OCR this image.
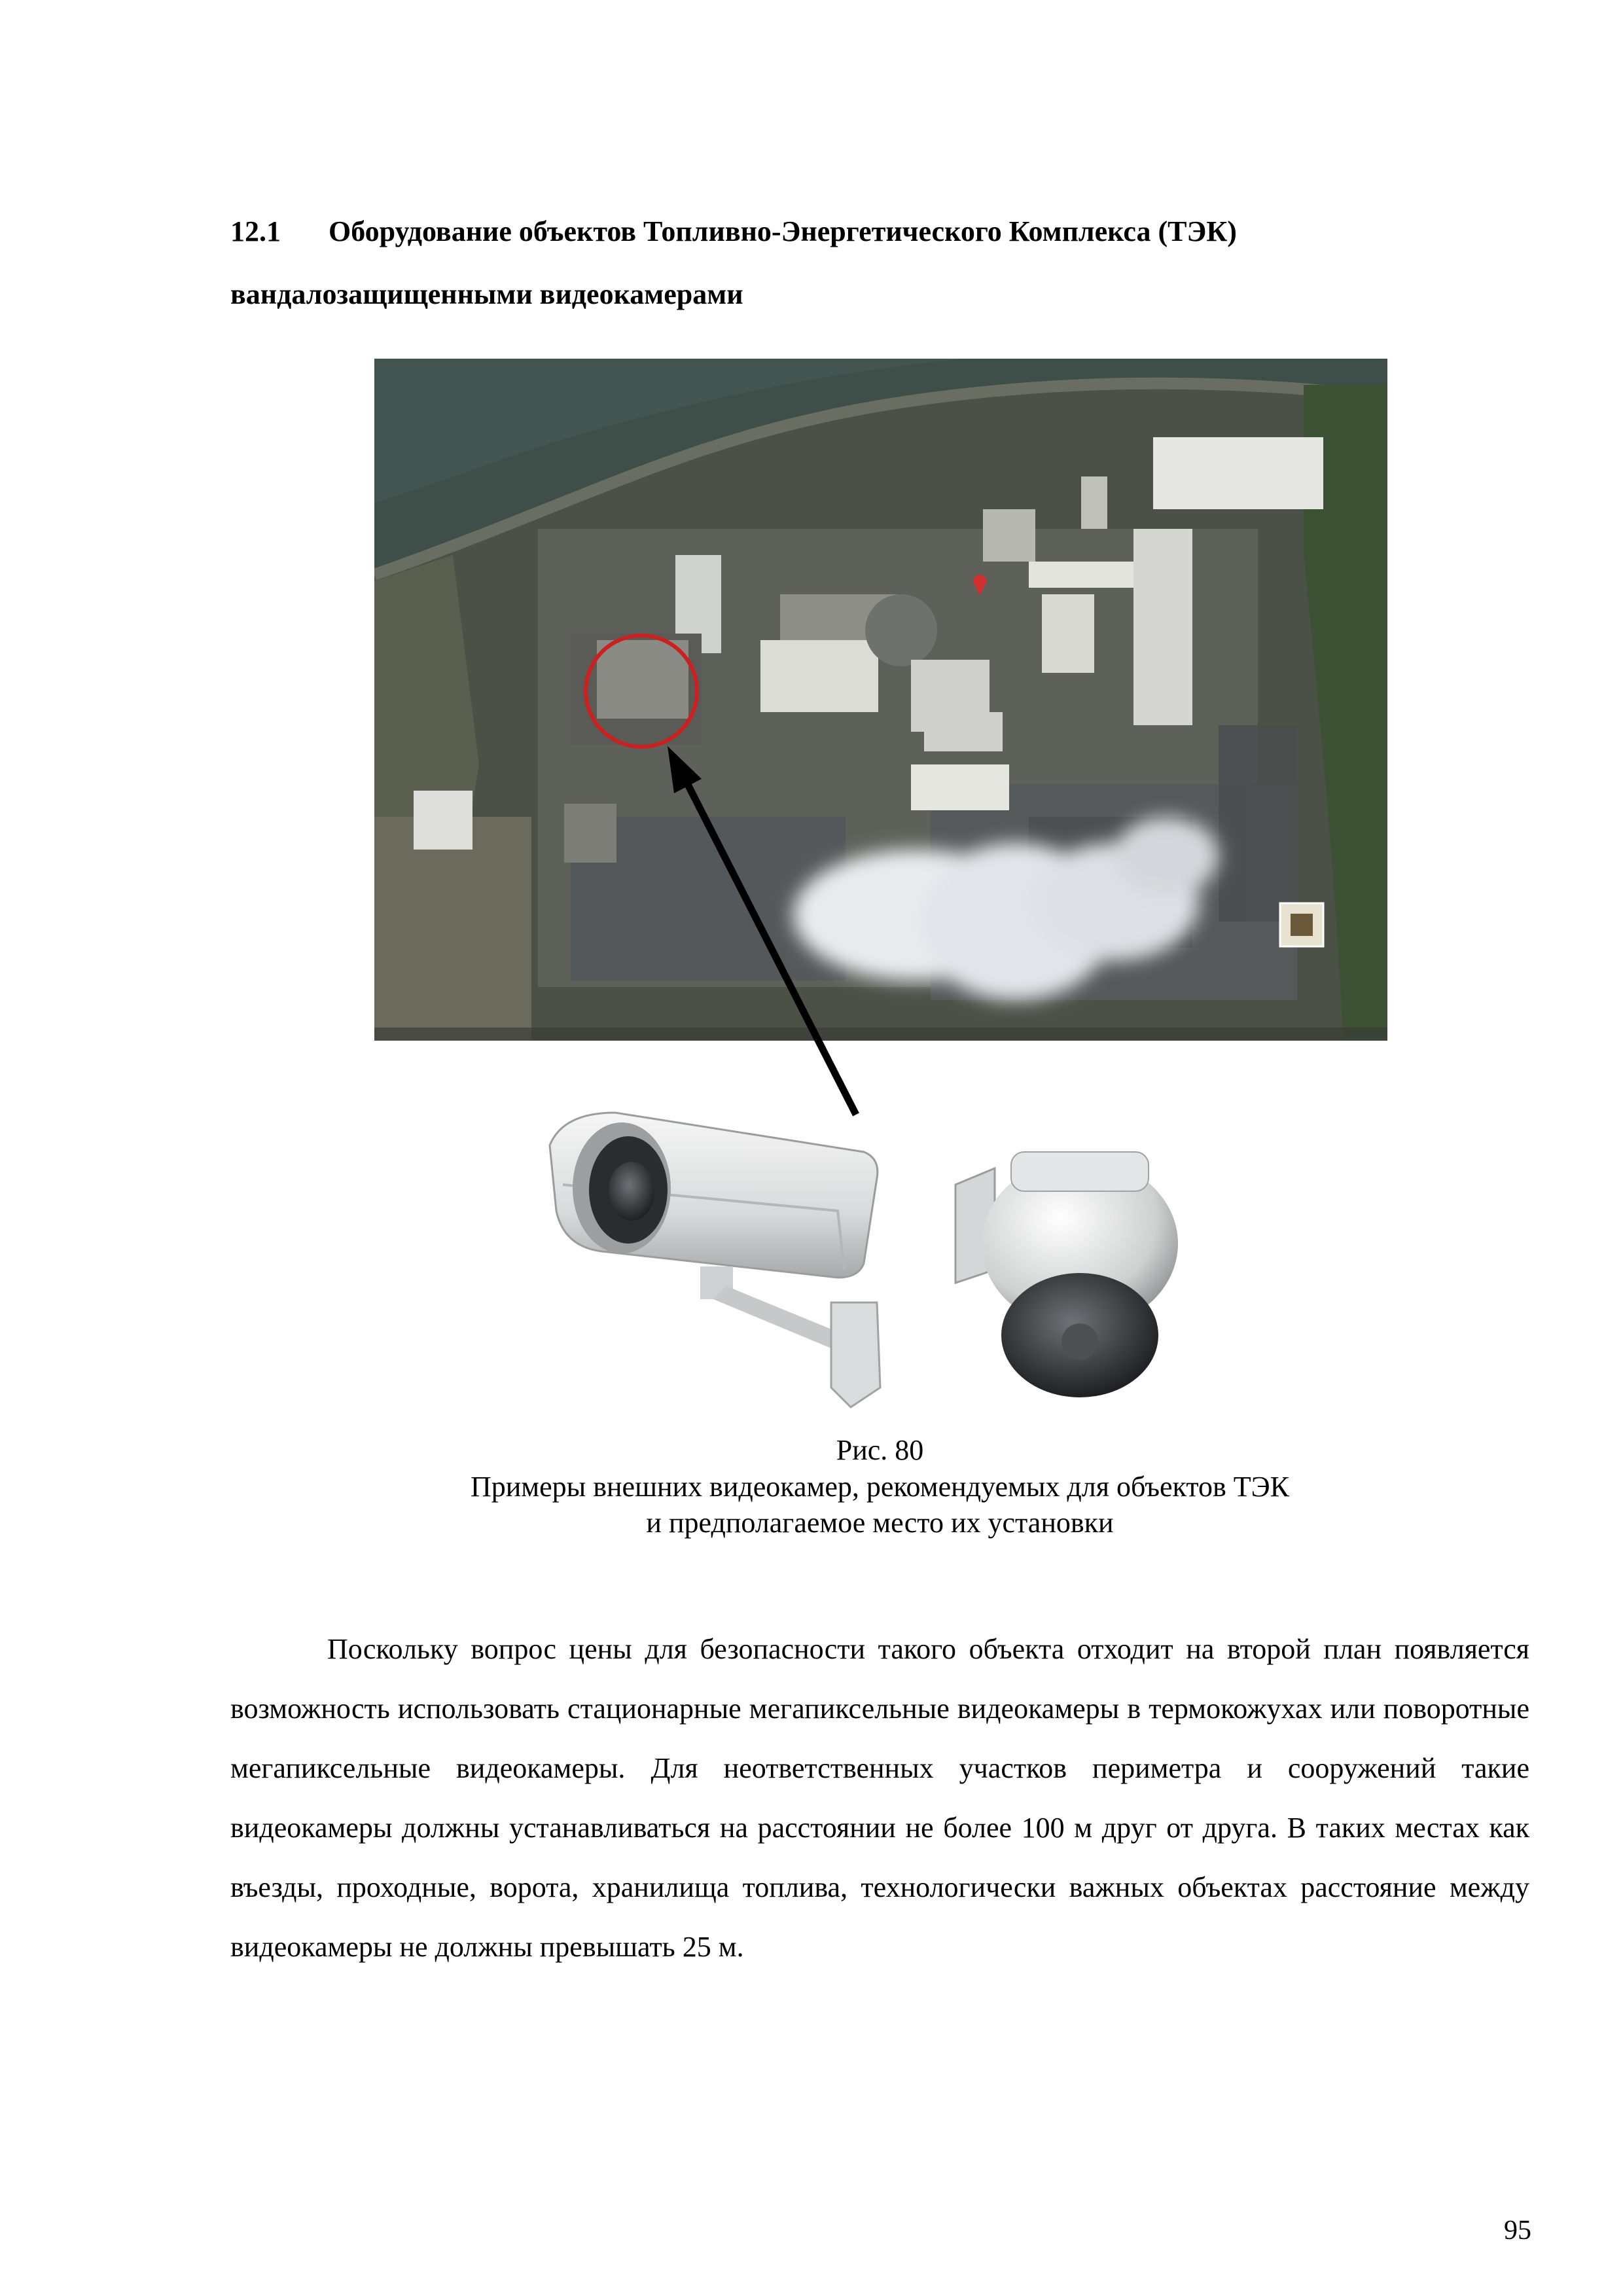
12.1 Оборудование объектов Топливно-Энергетического Комплекса (ТЭК)
вандалозащищенными видеокамерами
Рис. 80
Примеры внешних видеокамер, рекомендуемых для объектов ТЭК
и предполагаемое место их установки
Поскольку вопрос цены для безопасности такого объекта отходит на второй план появляется возможность использовать стационарные мегапиксельные видеокамеры в термокожухах или поворотные мегапиксельные видеокамеры. Для неответственных участков периметра и сооружений такие видеокамеры должны устанавливаться на расстоянии не более 100 м друг от друга. В таких местах как въезды, проходные, ворота, хранилища топлива, технологически важных объектах расстояние между видеокамеры не должны превышать 25 м.
95
